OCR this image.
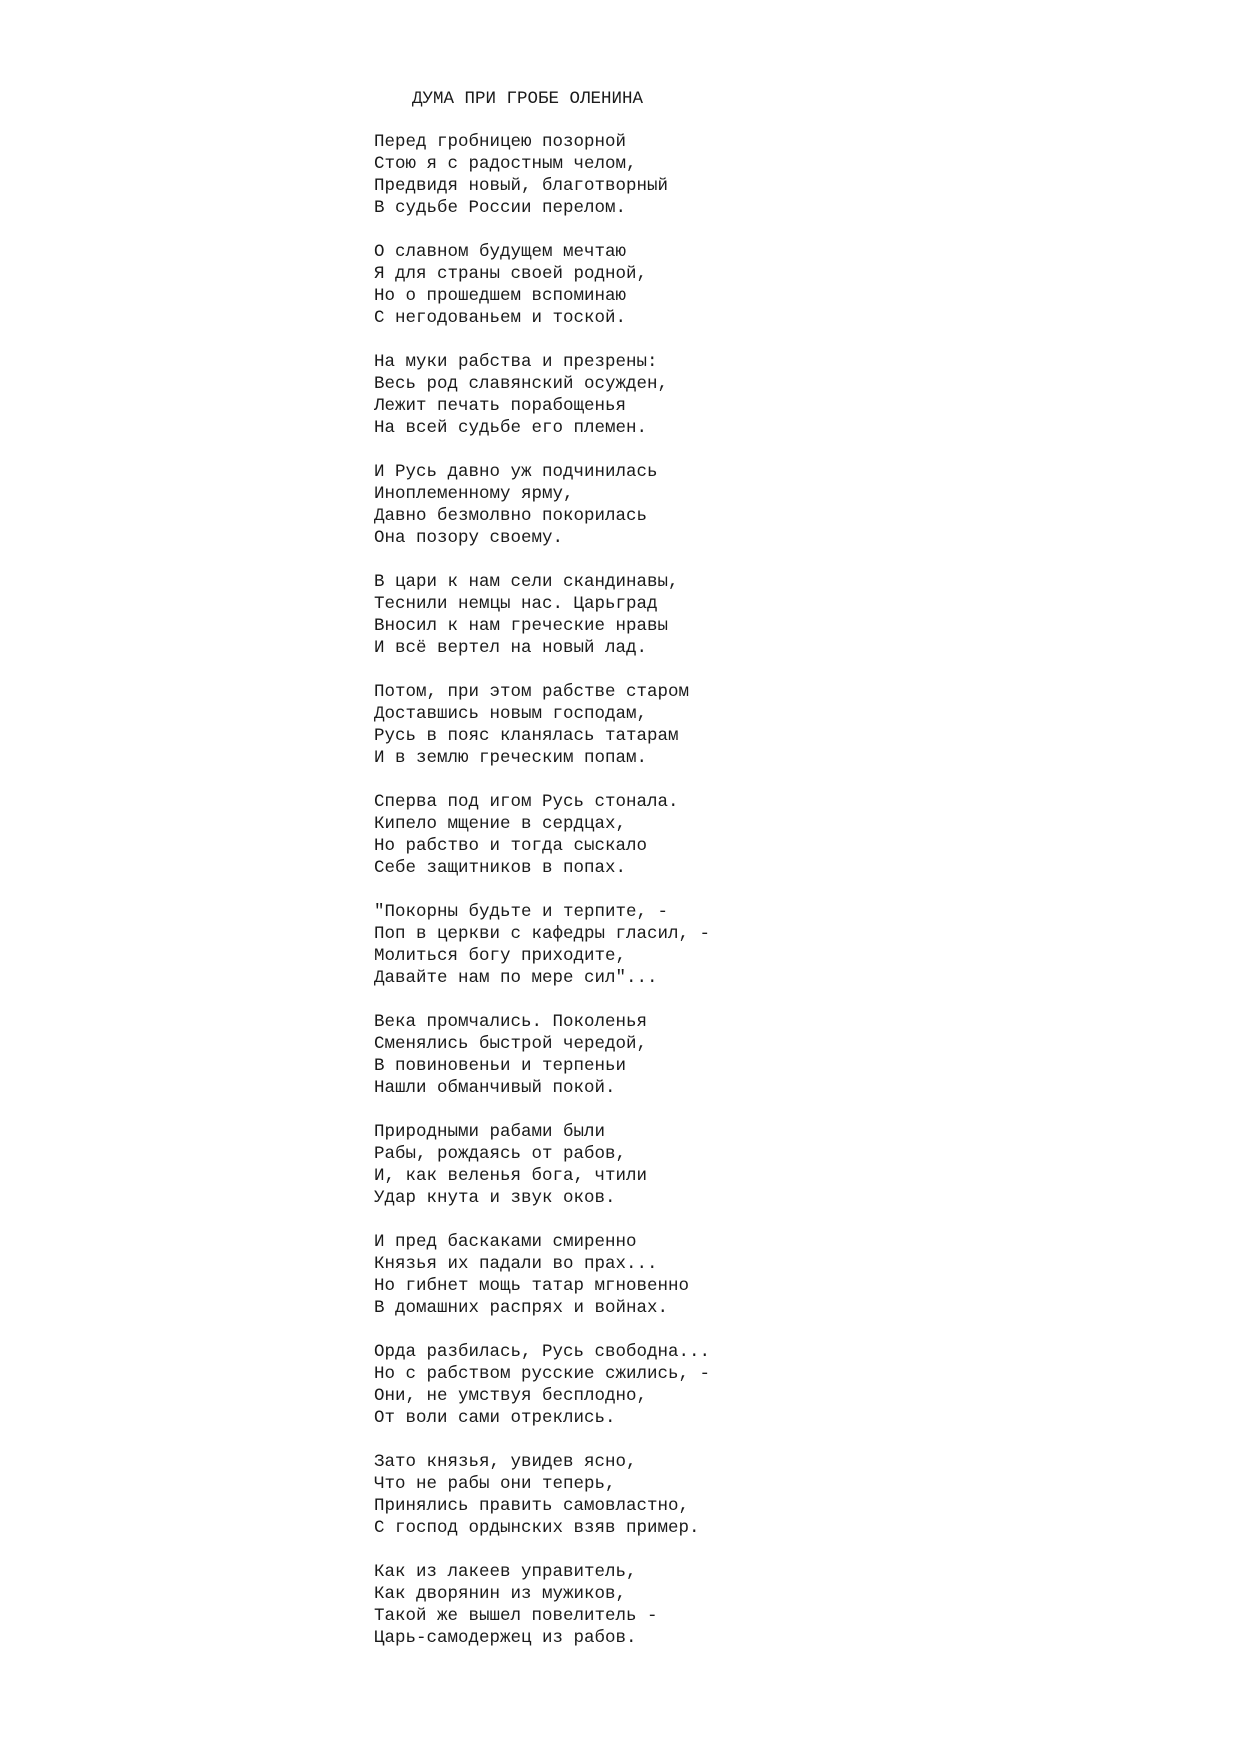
ДУМА ПРИ ГРОБЕ ОЛЕНИНА
Перед гробницею позорной
Стою я с радостным челом,
Предвидя новый, благотворный
В судьбе России перелом.
О славном будущем мечтаю
Я для страны своей родной,
Но о прошедшем вспоминаю
С негодованьем и тоской.
На муки рабства и презрены:
Весь род славянский осужден,
Лежит печать порабощенья
На всей судьбе его племен.
И Русь давно уж подчинилась
Иноплеменному ярму,
Давно безмолвно покорилась
Она позору своему.
В цари к нам сели скандинавы,
Теснили немцы нас. Царьград
Вносил к нам греческие нравы
И всё вертел на новый лад.
Потом, при этом рабстве старом
Доставшись новым господам,
Русь в пояс кланялась татарам
И в землю греческим попам.
Сперва под игом Русь стонала.
Кипело мщение в сердцах,
Но рабство и тогда сыскало
Себе защитников в попах.
"Покорны будьте и терпите, -
Поп в церкви с кафедры гласил, -
Молиться богу приходите,
Давайте нам по мере сил"...
Века промчались. Поколенья
Сменялись быстрой чередой,
В повиновеньи и терпеньи
Нашли обманчивый покой.
Природными рабами были
Рабы, рождаясь от рабов,
И, как веленья бога, чтили
Удар кнута и звук оков.
И пред баскаками смиренно
Князья их падали во прах...
Но гибнет мощь татар мгновенно
В домашних распрях и войнах.
Орда разбилась, Русь свободна...
Но с рабством русские сжились, -
Они, не умствуя бесплодно,
От воли сами отреклись.
Зато князья, увидев ясно,
Что не рабы они теперь,
Принялись править самовластно,
С господ ордынских взяв пример.
Как из лакеев управитель,
Как дворянин из мужиков,
Такой же вышел повелитель -
Царь-самодержец из рабов.
